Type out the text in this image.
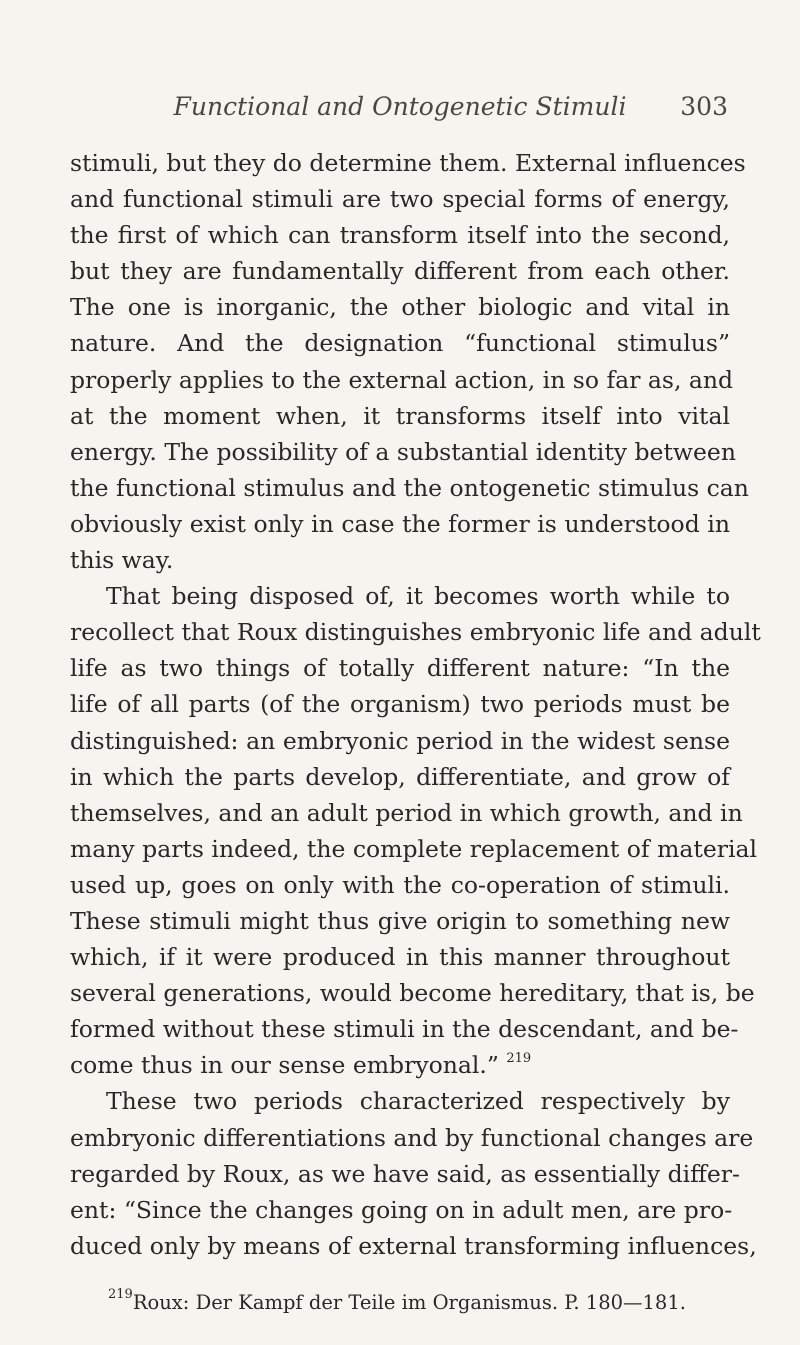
Functional and Ontogenetic Stimuli	303
stimuli, but they do determine them. External influences
and functional stimuli are two special forms of energy,
the first of which can transform itself into the second,
but they are fundamentally different from each other.
The one is inorganic, the other biologic and vital in
nature. And the designation “functional stimulus”
properly applies to the external action, in so far as, and
at the moment when, it transforms itself into vital
energy. The possibility of a substantial identity between
the functional stimulus and the ontogenetic stimulus can
obviously exist only in case the former is understood in
this way.
That being disposed of, it becomes worth while to
recollect that Roux distinguishes embryonic life and adult
life as two things of totally different nature: “In the
life of all parts (of the organism) two periods must be
distinguished: an embryonic period in the widest sense
in which the parts develop, differentiate, and grow of
themselves, and an adult period in which growth, and in
many parts indeed, the complete replacement of material
used up, goes on only with the co-operation of stimuli.
These stimuli might thus give origin to something new
which, if it were produced in this manner throughout
several generations, would become hereditary, that is, be
formed without these stimuli in the descendant, and be-
come thus in our sense embryonal.” $^{219}$
These two periods characterized respectively by
embryonic differentiations and by functional changes are
regarded by Roux, as we have said, as essentially differ-
ent: “Since the changes going on in adult men, are pro-
duced only by means of external transforming influences,
$^{219}$Roux: Der Kampf der Teile im Organismus. P. 180—181.
